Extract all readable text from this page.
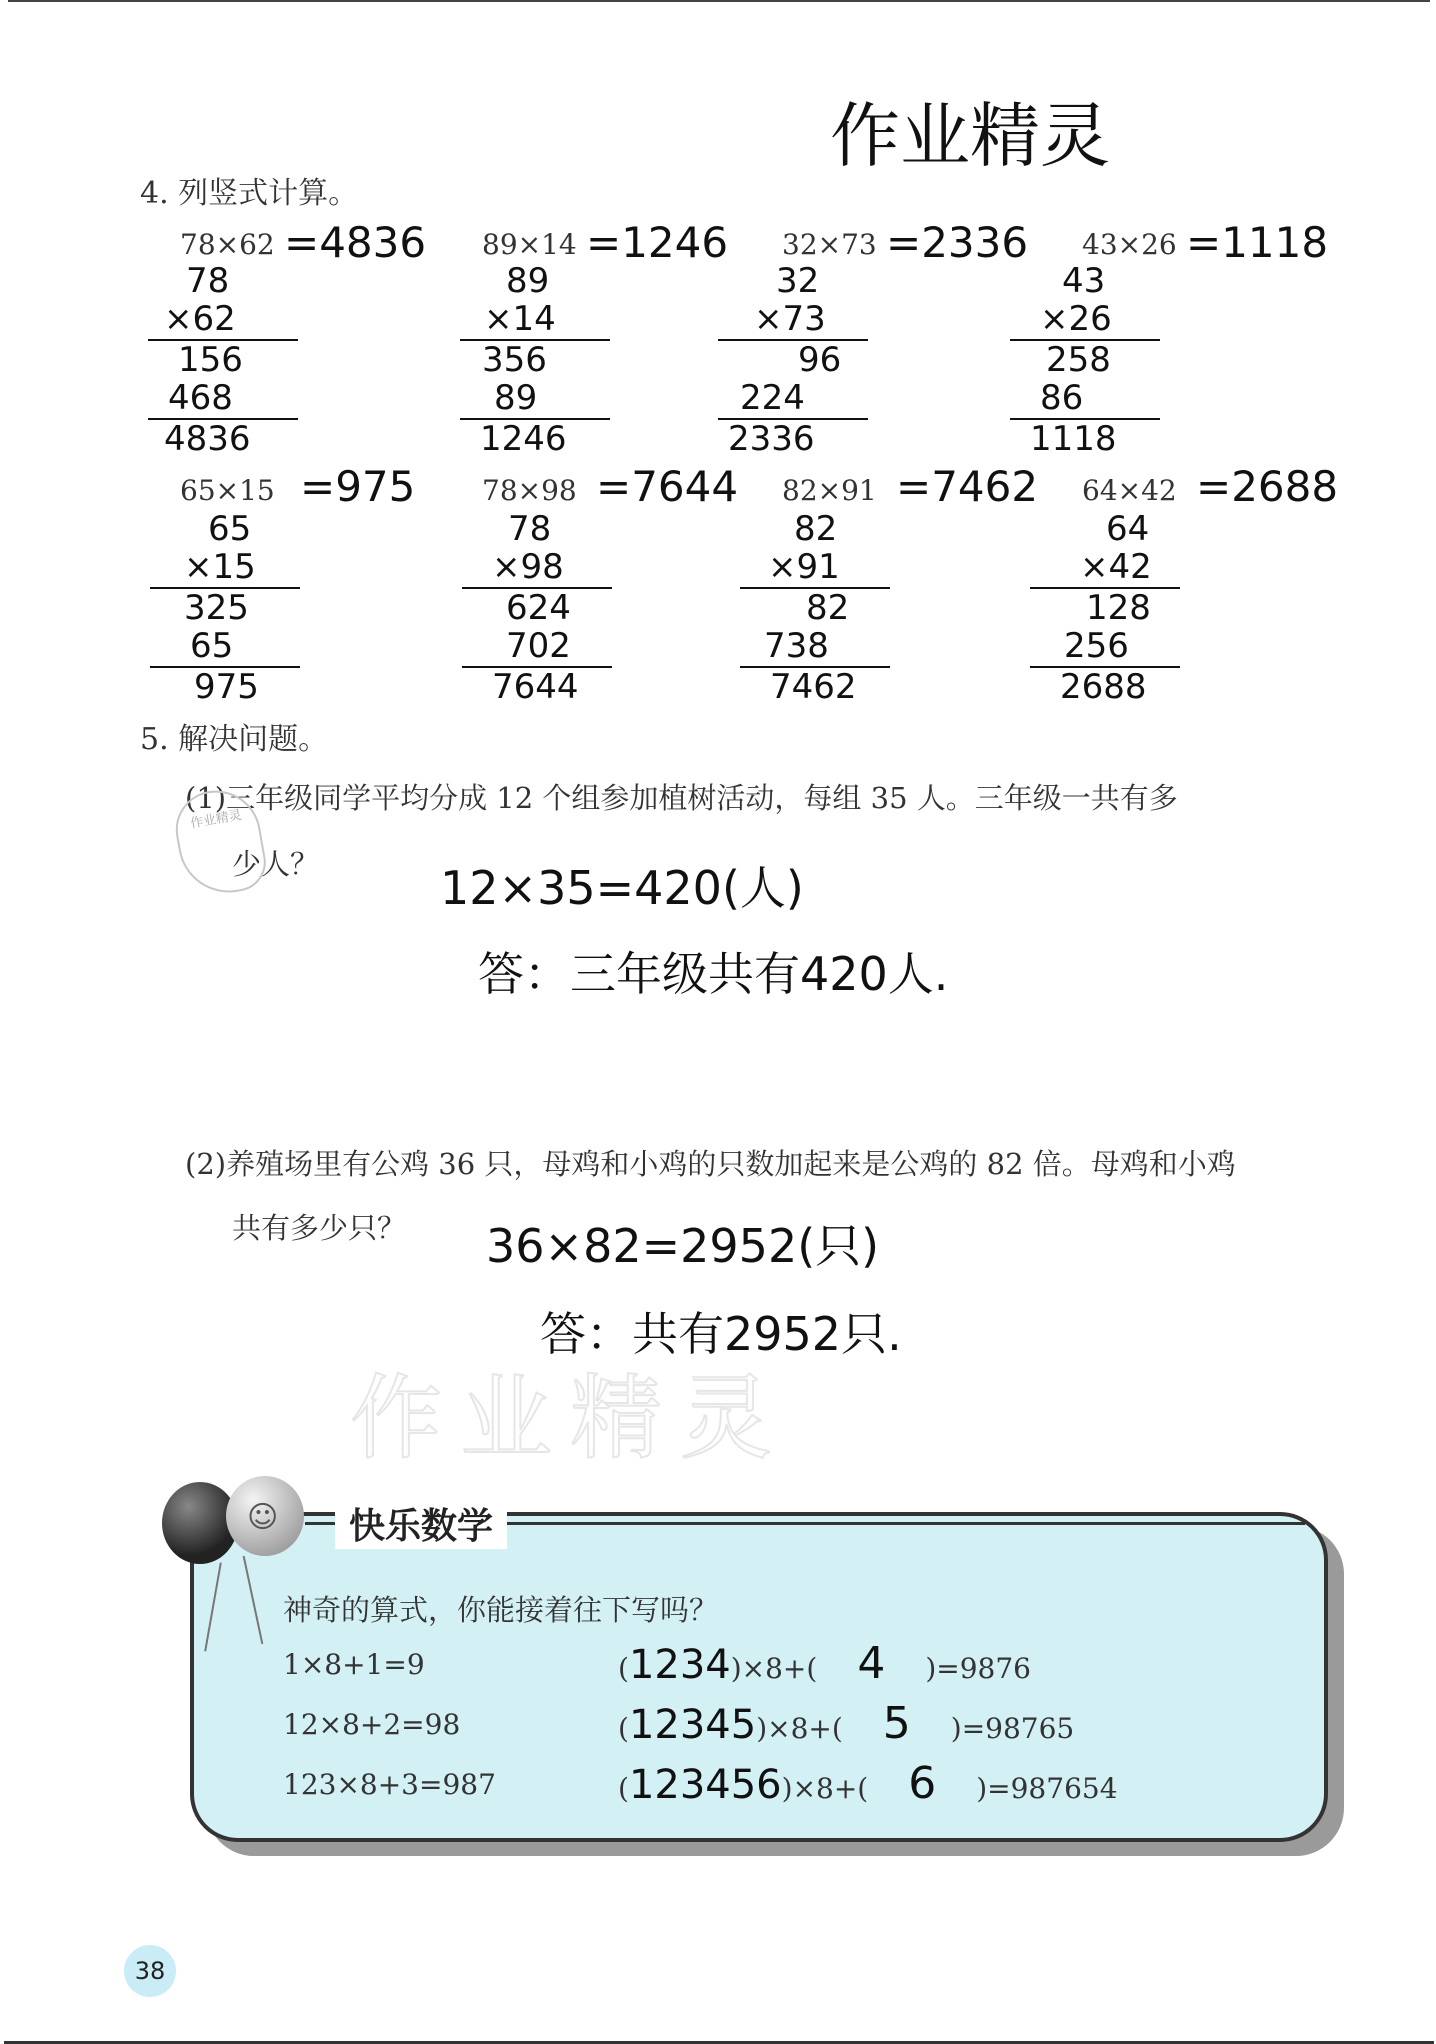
作业精灵
4. 列竖式计算。
78×62 =4836 89×14 =1246 32×73 =2336 43×26 =1118
78
×62
156
468
4836
89
×14
356
89
1246
32
×73
96
224
2336
43
×26
258
86
1118
65×15 =975 78×98 =7644 82×91 =7462 64×42 =2688
65
×15
325
65
975
78
×98
624
702
7644
82
×91
82
738
7462
64
×42
128
256
2688
5. 解决问题。
(1)三年级同学平均分成 12 个组参加植树活动，每组 35 人。三年级一共有多
少人？
作业精灵
12×35=420(人)
答：三年级共有420人.
(2)养殖场里有公鸡 36 只，母鸡和小鸡的只数加起来是公鸡的 82 倍。母鸡和小鸡
共有多少只？ 36×82=2952(只)
答：共有2952只.
作业精灵
☺	快乐数学
神奇的算式，你能接着往下写吗？
1×8+1=9
12×8+2=98
123×8+3=987
(1234)×8+( 4 )=9876
(12345)×8+( 5 )=98765
(123456)×8+( 6 )=987654
38
